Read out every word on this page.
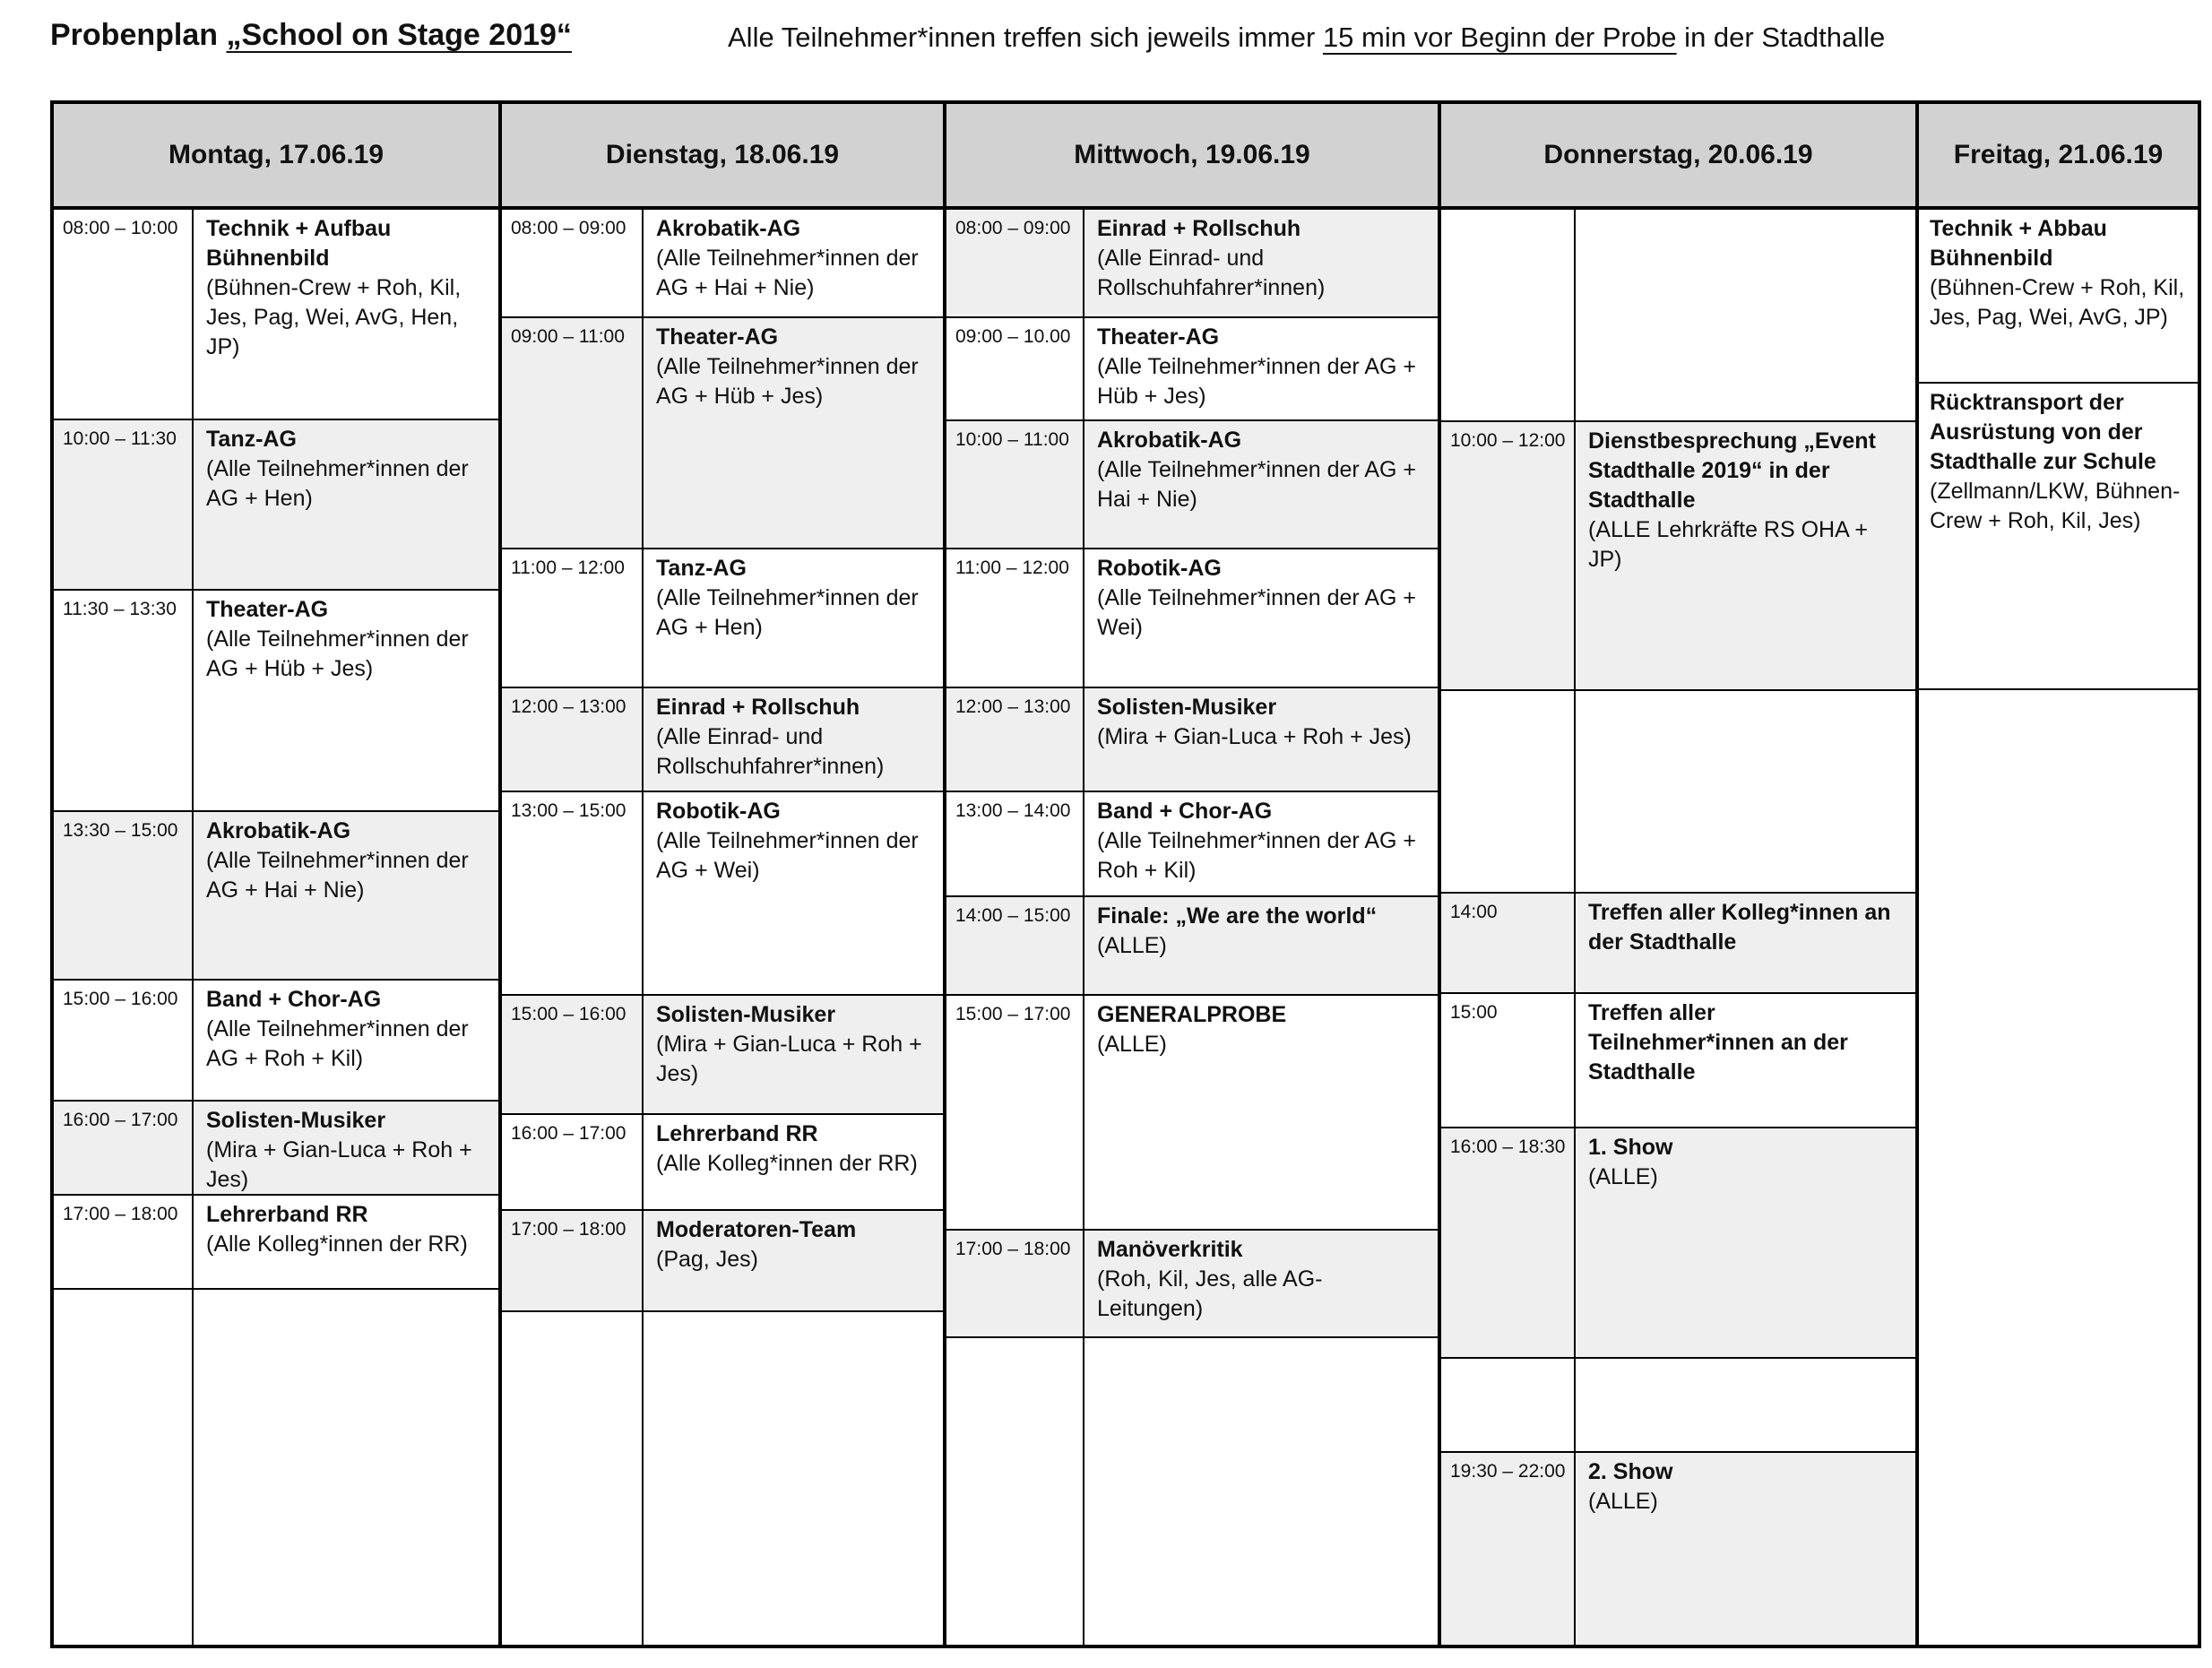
Probenplan „School on Stage 2019“	Alle Teilnehmer*innen treffen sich jeweils immer 15 min vor Beginn der Probe in der Stadthalle
Montag, 17.06.19
08:00 – 10:00	Technik + Aufbau Bühnenbild
(Bühnen-Crew + Roh, Kil, Jes, Pag, Wei, AvG, Hen, JP)
10:00 – 11:30	Tanz-AG
(Alle Teilnehmer*innen der AG + Hen)
11:30 – 13:30	Theater-AG
(Alle Teilnehmer*innen der AG + Hüb + Jes)
13:30 – 15:00	Akrobatik-AG
(Alle Teilnehmer*innen der AG + Hai + Nie)
15:00 – 16:00	Band + Chor-AG
(Alle Teilnehmer*innen der AG + Roh + Kil)
16:00 – 17:00	Solisten-Musiker
(Mira + Gian-Luca + Roh + Jes)
17:00 – 18:00	Lehrerband RR
(Alle Kolleg*innen der RR)
Dienstag, 18.06.19
08:00 – 09:00	Akrobatik-AG
(Alle Teilnehmer*innen der AG + Hai + Nie)
09:00 – 11:00	Theater-AG
(Alle Teilnehmer*innen der AG + Hüb + Jes)
11:00 – 12:00	Tanz-AG
(Alle Teilnehmer*innen der AG + Hen)
12:00 – 13:00	Einrad + Rollschuh
(Alle Einrad- und Rollschuhfahrer*innen)
13:00 – 15:00	Robotik-AG
(Alle Teilnehmer*innen der AG + Wei)
15:00 – 16:00	Solisten-Musiker
(Mira + Gian-Luca + Roh + Jes)
16:00 – 17:00	Lehrerband RR
(Alle Kolleg*innen der RR)
17:00 – 18:00	Moderatoren-Team
(Pag, Jes)
Mittwoch, 19.06.19
08:00 – 09:00	Einrad + Rollschuh
(Alle Einrad- und Rollschuhfahrer*innen)
09:00 – 10.00	Theater-AG
(Alle Teilnehmer*innen der AG + Hüb + Jes)
10:00 – 11:00	Akrobatik-AG
(Alle Teilnehmer*innen der AG + Hai + Nie)
11:00 – 12:00	Robotik-AG
(Alle Teilnehmer*innen der AG + Wei)
12:00 – 13:00	Solisten-Musiker
(Mira + Gian-Luca + Roh + Jes)
13:00 – 14:00	Band + Chor-AG
(Alle Teilnehmer*innen der AG + Roh + Kil)
14:00 – 15:00	Finale: „We are the world“
(ALLE)
15:00 – 17:00	GENERALPROBE
(ALLE)
17:00 – 18:00	Manöverkritik
(Roh, Kil, Jes, alle AG-Leitungen)
Donnerstag, 20.06.19
10:00 – 12:00	Dienstbesprechung „Event Stadthalle 2019“ in der Stadthalle
(ALLE Lehrkräfte RS OHA + JP)
14:00	Treffen aller Kolleg*innen an der Stadthalle
15:00	Treffen aller Teilnehmer*innen an der Stadthalle
16:00 – 18:30	1. Show
(ALLE)
19:30 – 22:00	2. Show
(ALLE)
Freitag, 21.06.19
Technik + Abbau Bühnenbild
(Bühnen-Crew + Roh, Kil, Jes, Pag, Wei, AvG, JP)
Rücktransport der Ausrüstung von der Stadthalle zur Schule
(Zellmann/LKW, Bühnen-Crew + Roh, Kil, Jes)
